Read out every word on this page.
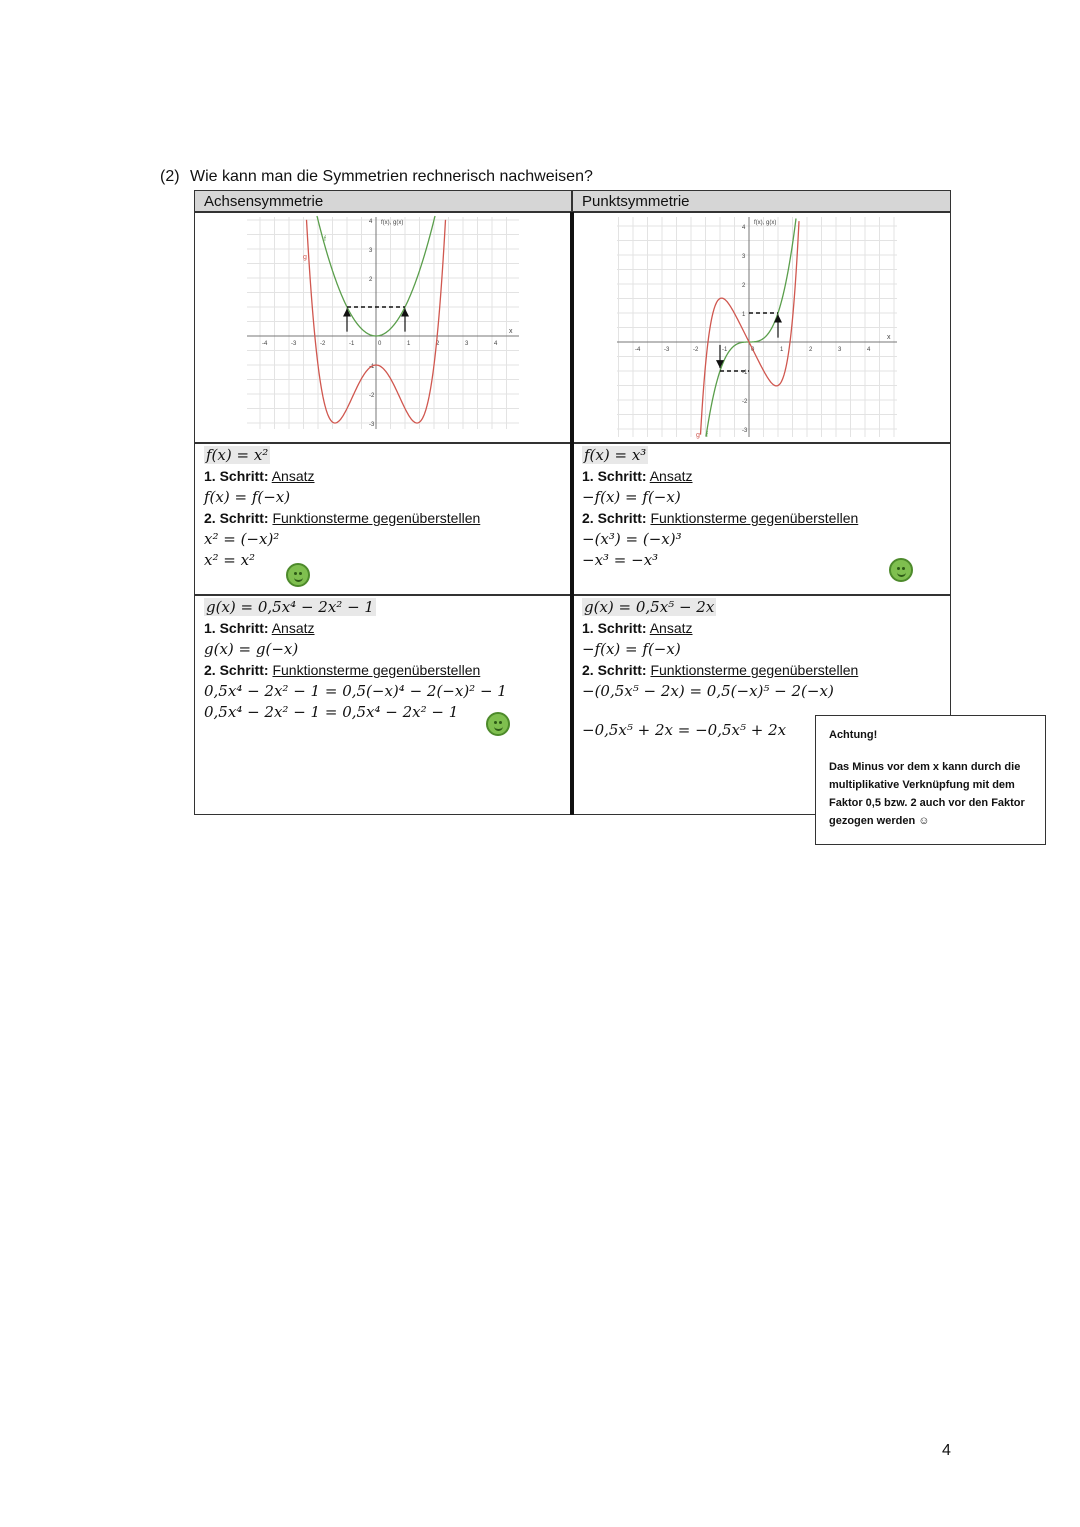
(2) Wie kann man die Symmetrien rechnerisch nachweisen?
Achsensymmetrie	Punktsymmetrie
-4	-3	-2	-1	0	1	2	3	4
4
3
2
-1
-2
-3
f(x), g(x)
x
g
f
-4	-3	-2	-1	0	1	2	3	4
4
3
2
1
-1
-2
-3
f(x), g(x)
x
g f
f(x) = x²
1. Schritt: Ansatz
f(x) = f(−x)
2. Schritt: Funktionsterme gegenüberstellen
x² = (−x)²
x² = x²
f(x) = x³
1. Schritt: Ansatz
−f(x) = f(−x)
2. Schritt: Funktionsterme gegenüberstellen
−(x³) = (−x)³
−x³ = −x³
g(x) = 0,5x⁴ − 2x² − 1
1. Schritt: Ansatz
g(x) = g(−x)
2. Schritt: Funktionsterme gegenüberstellen
0,5x⁴ − 2x² − 1 = 0,5(−x)⁴ − 2(−x)² − 1
0,5x⁴ − 2x² − 1 = 0,5x⁴ − 2x² − 1
g(x) = 0,5x⁵ − 2x
1. Schritt: Ansatz
−f(x) = f(−x)
2. Schritt: Funktionsterme gegenüberstellen
−(0,5x⁵ − 2x) = 0,5(−x)⁵ − 2(−x)
−0,5x⁵ + 2x = −0,5x⁵ + 2x	Achtung!
Das Minus vor dem x kann durch die multiplikative Verknüpfung mit dem Faktor 0,5 bzw. 2 auch vor den Faktor gezogen werden ☺
4
